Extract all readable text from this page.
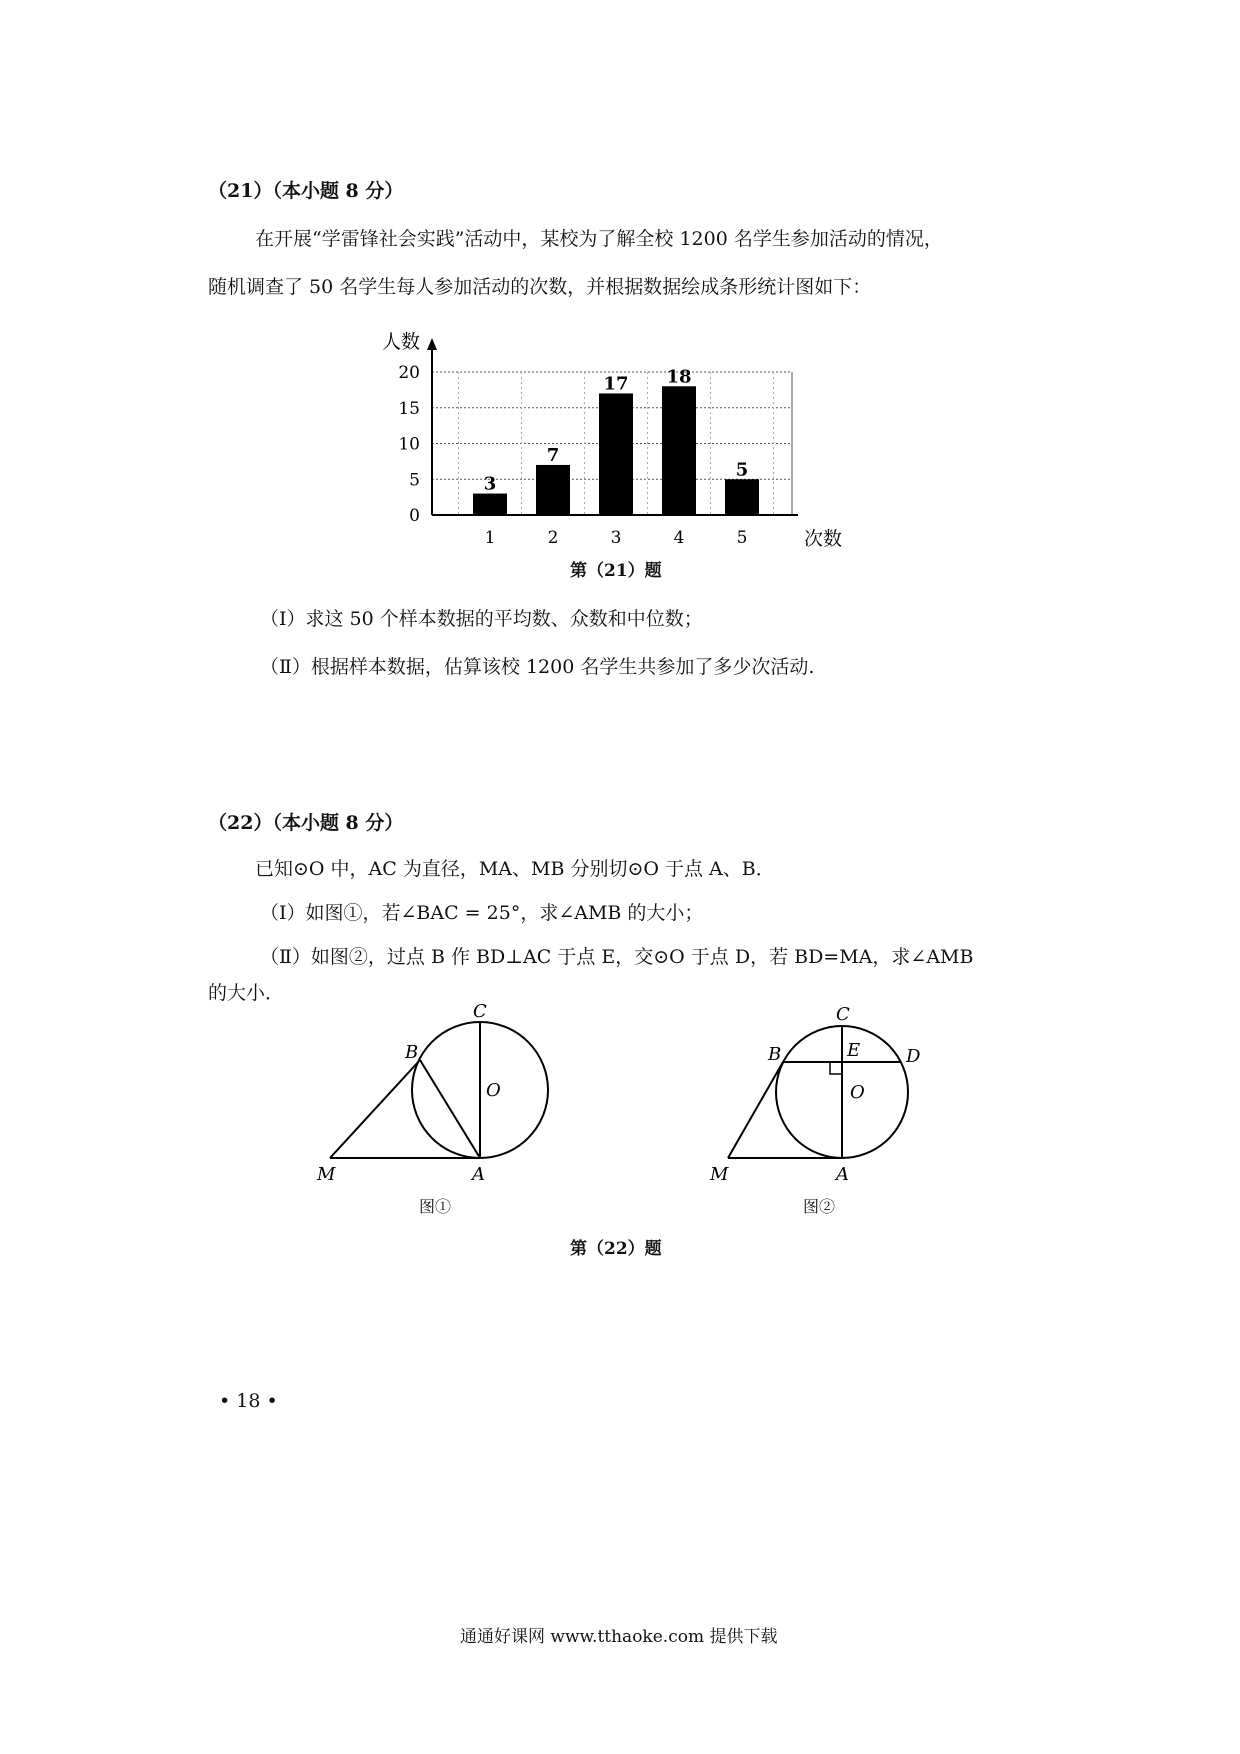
（21）（本小题 8 分）
在开展“学雷锋社会实践”活动中，某校为了解全校 1200 名学生参加活动的情况，
随机调查了 50 名学生每人参加活动的次数，并根据数据绘成条形统计图如下：
0
5
10
15
20
3
1
7
2
17
3
18
4
5
5
人数
次数
第（21）题
（Ⅰ）求这 50 个样本数据的平均数、众数和中位数；
（Ⅱ）根据样本数据，估算该校 1200 名学生共参加了多少次活动.
（22）（本小题 8 分）
已知⊙O 中，AC 为直径，MA、MB 分别切⊙O 于点 A、B．
（Ⅰ）如图①，若∠BAC = 25°，求∠AMB 的大小；
（Ⅱ）如图②，过点 B 作 BD⊥AC 于点 E，交⊙O 于点 D，若 BD=MA，求∠AMB
的大小．
C
B
O
M	A
图①
C
B	E	D
O
M	A
图②
第（22）题
• 18 •
通通好课网 www.tthaoke.com 提供下载
